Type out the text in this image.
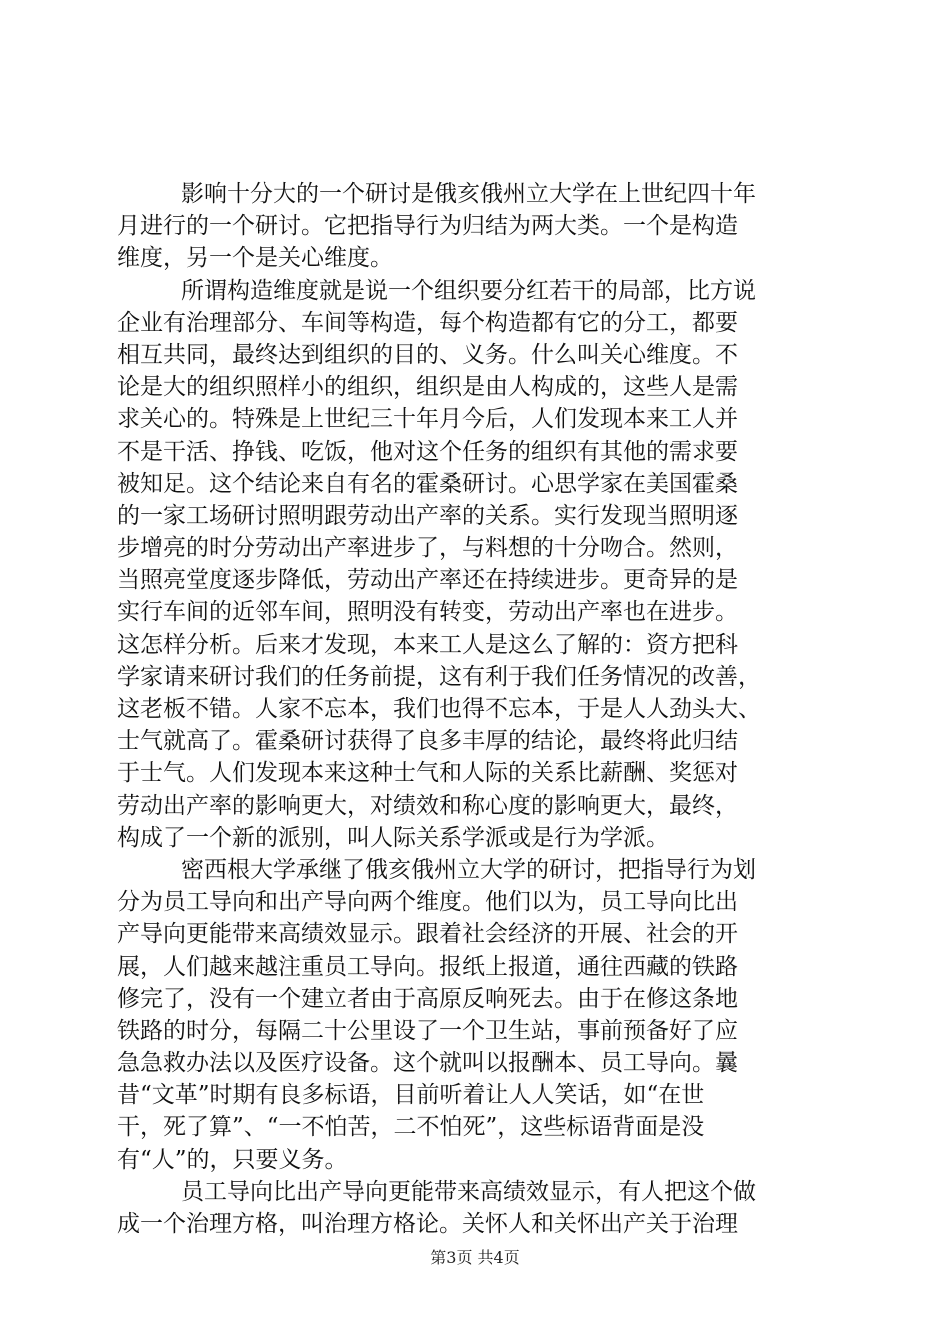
影响十分大的一个研讨是俄亥俄州立大学在上世纪四十年
月进行的一个研讨。它把指导行为归结为两大类。一个是构造
维度，另一个是关心维度。
所谓构造维度就是说一个组织要分红若干的局部，比方说
企业有治理部分、车间等构造，每个构造都有它的分工，都要
相互共同，最终达到组织的目的、义务。什么叫关心维度。不
论是大的组织照样小的组织，组织是由人构成的，这些人是需
求关心的。特殊是上世纪三十年月今后，人们发现本来工人并
不是干活、挣钱、吃饭，他对这个任务的组织有其他的需求要
被知足。这个结论来自有名的霍桑研讨。心思学家在美国霍桑
的一家工场研讨照明跟劳动出产率的关系。实行发现当照明逐
步增亮的时分劳动出产率进步了，与料想的十分吻合。然则，
当照亮堂度逐步降低，劳动出产率还在持续进步。更奇异的是
实行车间的近邻车间，照明没有转变，劳动出产率也在进步。
这怎样分析。后来才发现，本来工人是这么了解的：资方把科
学家请来研讨我们的任务前提，这有利于我们任务情况的改善，
这老板不错。人家不忘本，我们也得不忘本，于是人人劲头大、
士气就高了。霍桑研讨获得了良多丰厚的结论，最终将此归结
于士气。人们发现本来这种士气和人际的关系比薪酬、奖惩对
劳动出产率的影响更大，对绩效和称心度的影响更大，最终，
构成了一个新的派别，叫人际关系学派或是行为学派。
密西根大学承继了俄亥俄州立大学的研讨，把指导行为划
分为员工导向和出产导向两个维度。他们以为，员工导向比出
产导向更能带来高绩效显示。跟着社会经济的开展、社会的开
展，人们越来越注重员工导向。报纸上报道，通往西藏的铁路
修完了，没有一个建立者由于高原反响死去。由于在修这条地
铁路的时分，每隔二十公里设了一个卫生站，事前预备好了应
急急救办法以及医疗设备。这个就叫以报酬本、员工导向。曩
昔“文革”时期有良多标语，目前听着让人人笑话，如“在世
干，死了算”、“一不怕苦，二不怕死”，这些标语背面是没
有“人”的，只要义务。
员工导向比出产导向更能带来高绩效显示，有人把这个做
成一个治理方格，叫治理方格论。关怀人和关怀出产关于治理
第3页 共4页
